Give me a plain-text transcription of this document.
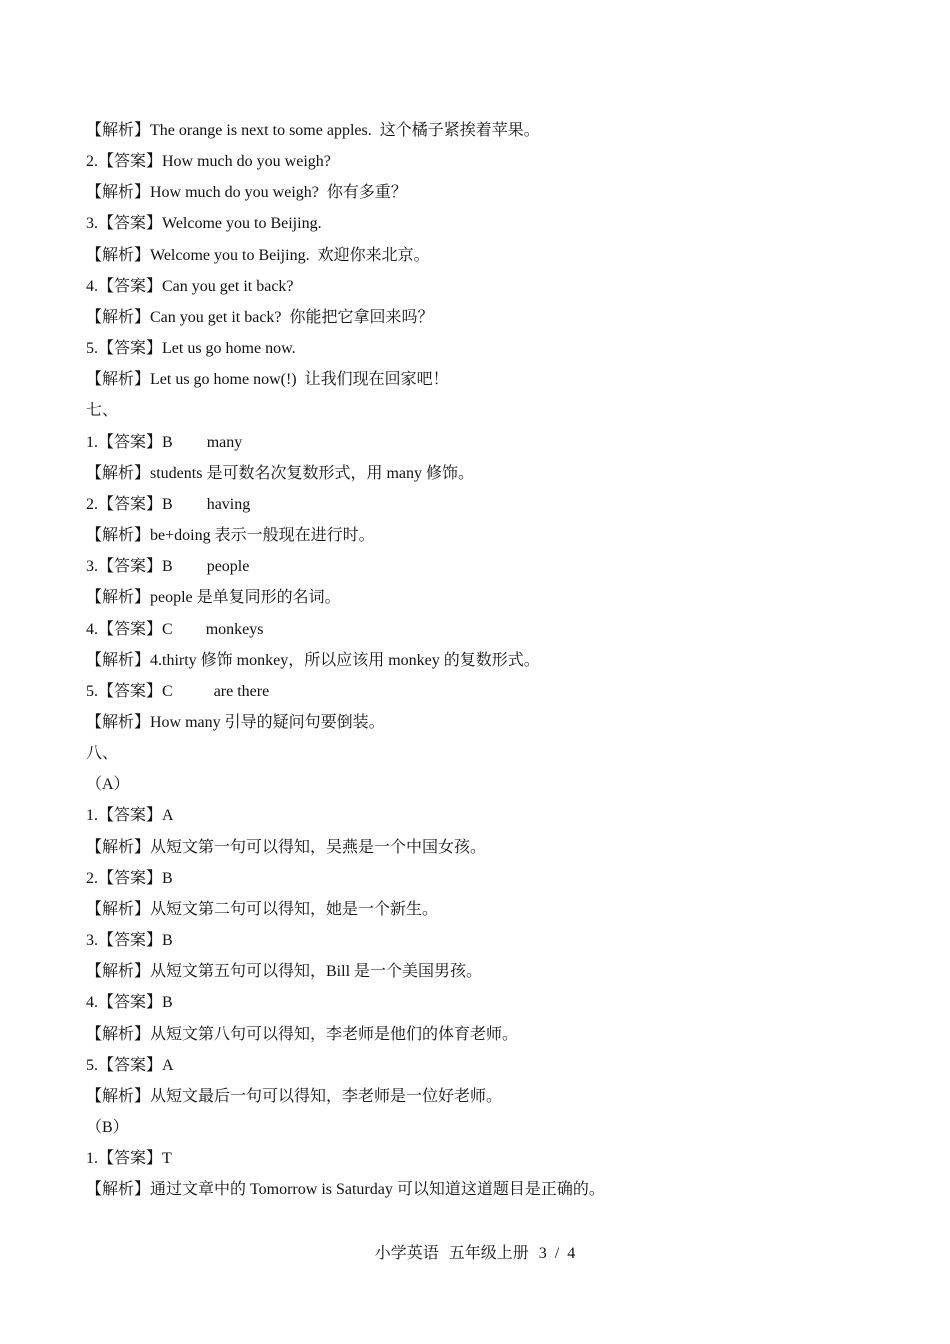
【解析】The orange is next to some apples.  这个橘子紧挨着苹果。
2.【答案】How much do you weigh?
【解析】How much do you weigh?  你有多重？
3.【答案】Welcome you to Beijing.
【解析】Welcome you to Beijing.  欢迎你来北京。
4.【答案】Can you get it back?
【解析】Can you get it back?  你能把它拿回来吗？
5.【答案】Let us go home now.
【解析】Let us go home now(!)  让我们现在回家吧！
七、
1.【答案】B many
【解析】students 是可数名次复数形式，用 many 修饰。
2.【答案】B having
【解析】be+doing 表示一般现在进行时。
3.【答案】B people
【解析】people 是单复同形的名词。
4.【答案】C monkeys
【解析】4.thirty 修饰 monkey，所以应该用 monkey 的复数形式。
5.【答案】C	are there
【解析】How many 引导的疑问句要倒装。
八、
（A）
1.【答案】A
【解析】从短文第一句可以得知，吴燕是一个中国女孩。
2.【答案】B
【解析】从短文第二句可以得知，她是一个新生。
3.【答案】B
【解析】从短文第五句可以得知，Bill 是一个美国男孩。
4.【答案】B
【解析】从短文第八句可以得知，李老师是他们的体育老师。
5.【答案】A
【解析】从短文最后一句可以得知，李老师是一位好老师。
（B）
1.【答案】T
【解析】通过文章中的 Tomorrow is Saturday 可以知道这道题目是正确的。
小学英语 五年级上册 3 / 4
